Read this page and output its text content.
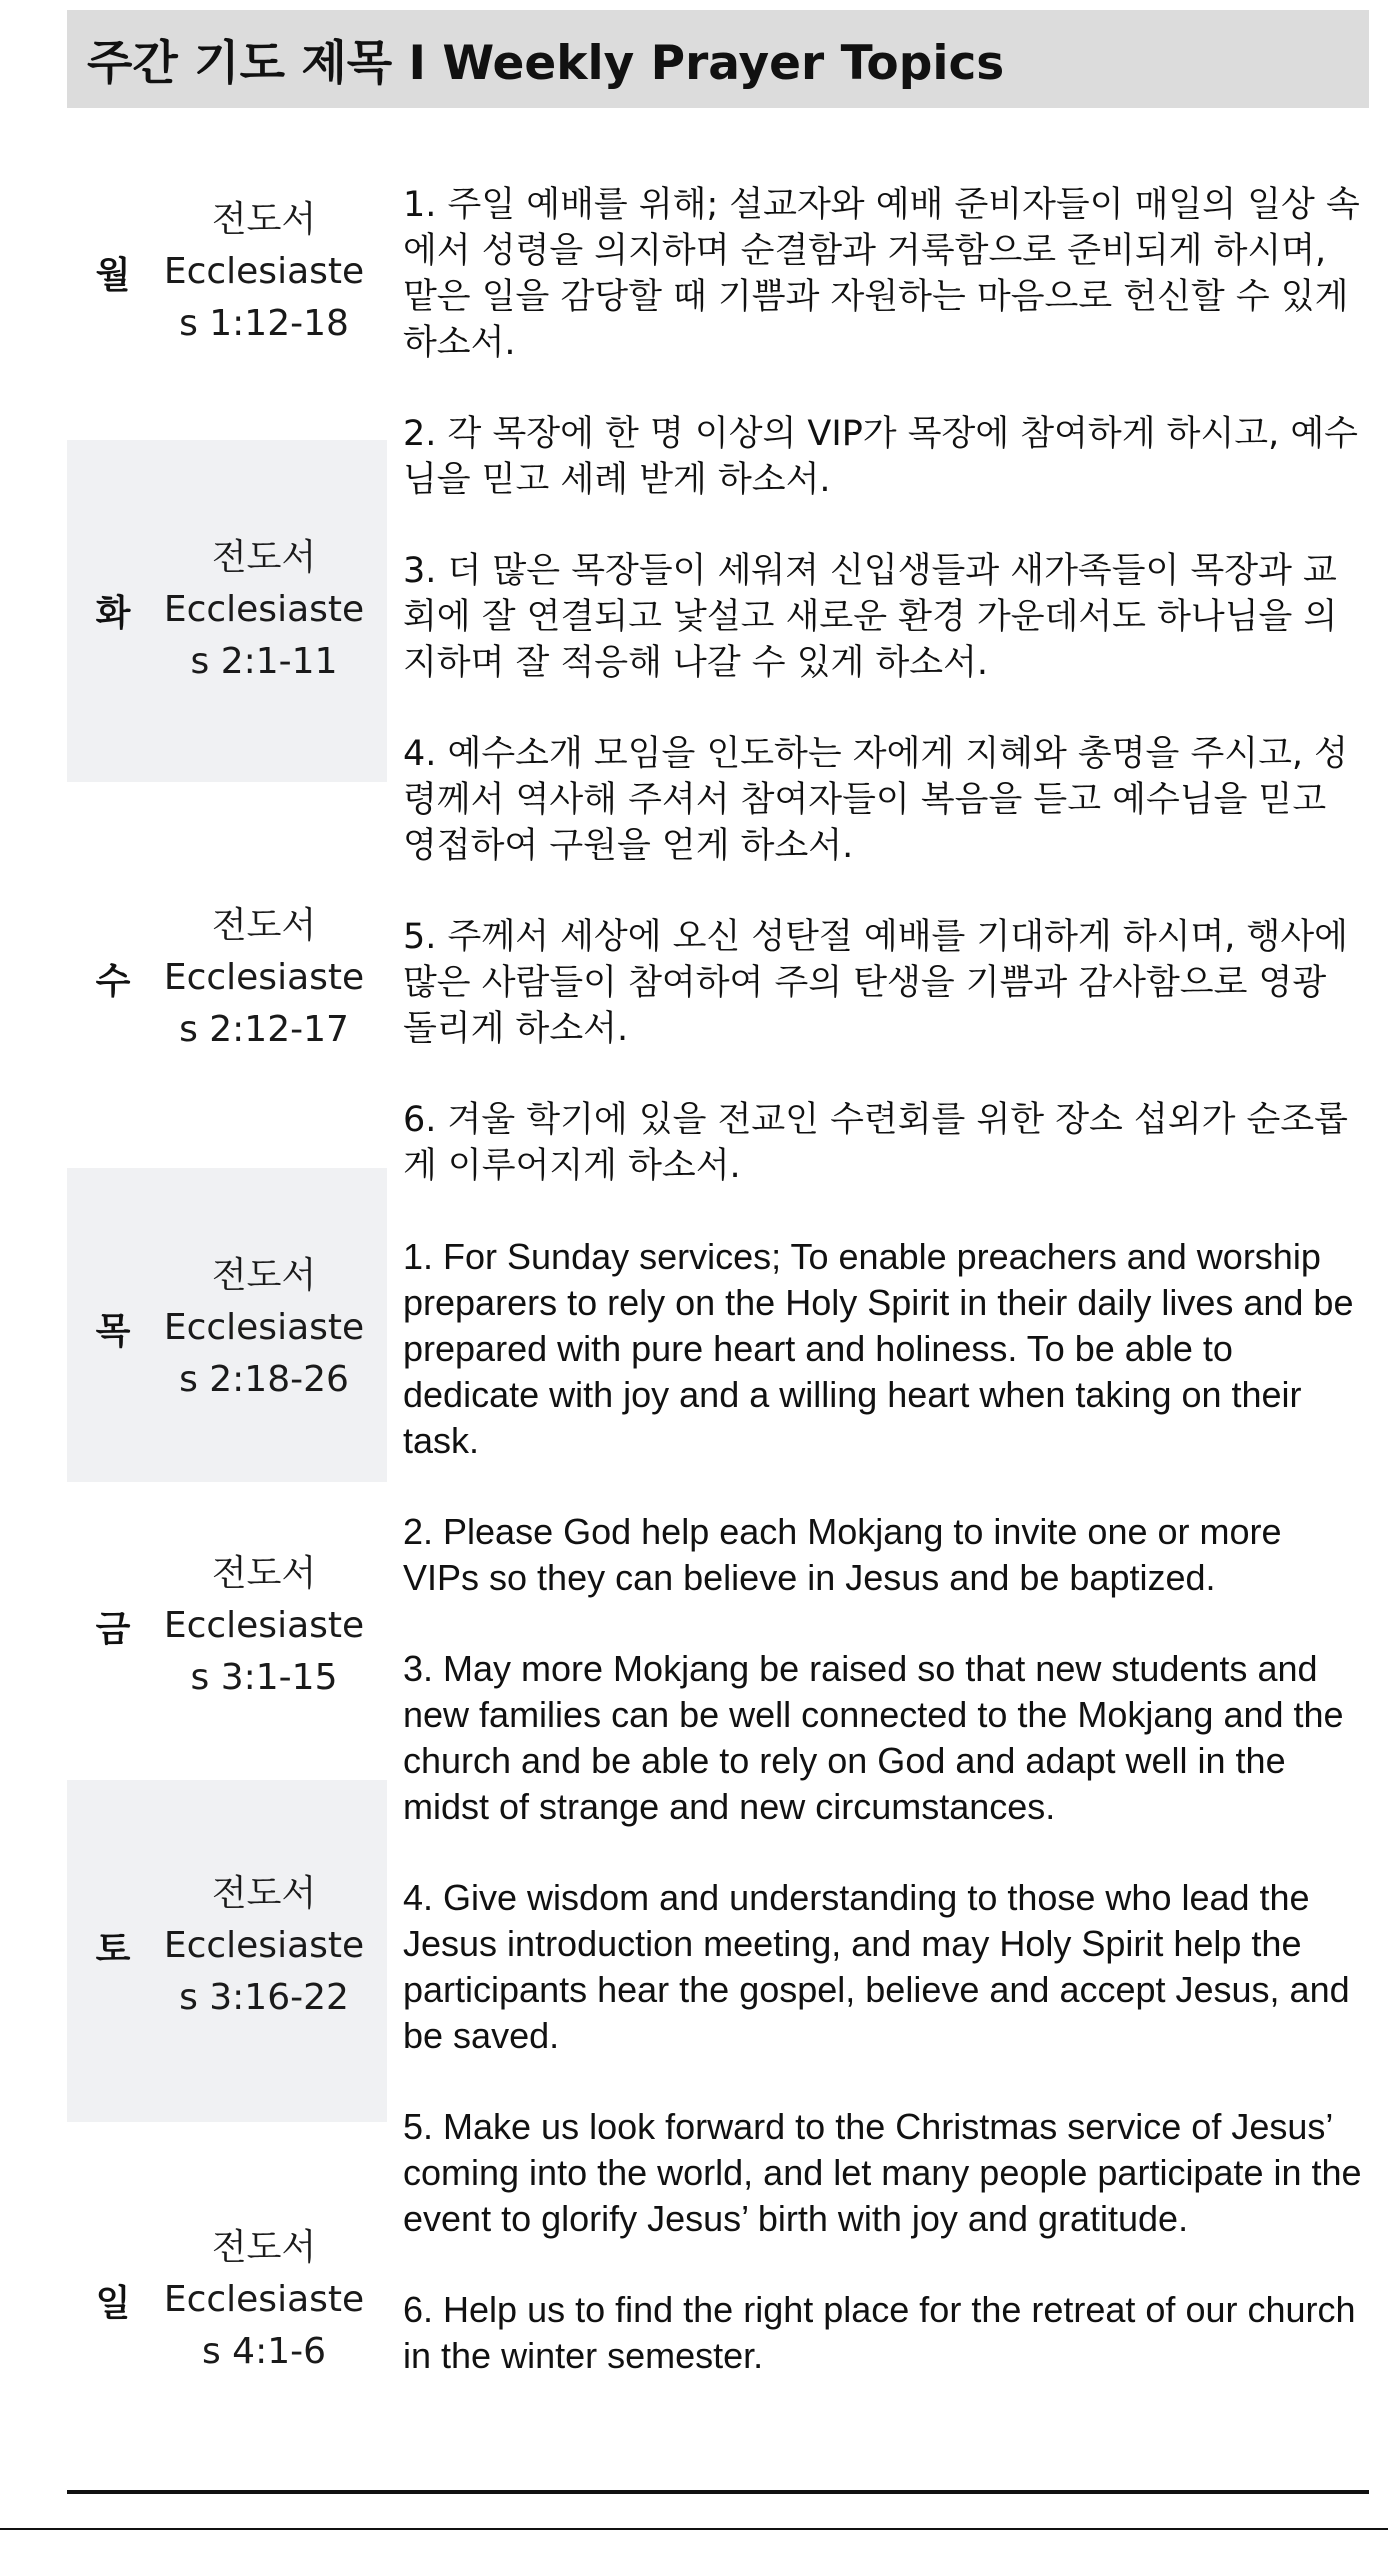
주간 기도 제목 I Weekly Prayer Topics
월
전도서
Ecclesiaste
s 1:12-18
화
전도서
Ecclesiaste
s 2:1-11
수
전도서
Ecclesiaste
s 2:12-17
목
전도서
Ecclesiaste
s 2:18-26
금
전도서
Ecclesiaste
s 3:1-15
토
전도서
Ecclesiaste
s 3:16-22
일
전도서
Ecclesiaste
s 4:1-6

1. 주일 예배를 위해; 설교자와 예배 준비자들이 매일의 일상 속에서 성령을 의지하며 순결함과 거룩함으로 준비되게 하시며, 맡은 일을 감당할 때 기쁨과 자원하는 마음으로 헌신할 수 있게 하소서.

2. 각 목장에 한 명 이상의 VIP가 목장에 참여하게 하시고, 예수님을 믿고 세례 받게 하소서.

3. 더 많은 목장들이 세워져 신입생들과 새가족들이 목장과 교회에 잘 연결되고 낯설고 새로운 환경 가운데서도 하나님을 의지하며 잘 적응해 나갈 수 있게 하소서.

4. 예수소개 모임을 인도하는 자에게 지혜와 총명을 주시고, 성령께서 역사해 주셔서 참여자들이 복음을 듣고 예수님을 믿고 영접하여 구원을 얻게 하소서.

5. 주께서 세상에 오신 성탄절 예배를 기대하게 하시며, 행사에 많은 사람들이 참여하여 주의 탄생을 기쁨과 감사함으로 영광 돌리게 하소서.

6. 겨울 학기에 있을 전교인 수련회를 위한 장소 섭외가 순조롭게 이루어지게 하소서.

1. For Sunday services; To enable preachers and worship preparers to rely on the Holy Spirit in their daily lives and be prepared with pure heart and holiness. To be able to dedicate with joy and a willing heart when taking on their task.

2. Please God help each Mokjang to invite one or more VIPs so they can believe in Jesus and be baptized.

3. May more Mokjang be raised so that new students and new families can be well connected to the Mokjang and the church and be able to rely on God and adapt well in the midst of strange and new circumstances.

4. Give wisdom and understanding to those who lead the Jesus introduction meeting, and may Holy Spirit help the participants hear the gospel, believe and accept Jesus, and be saved.

5. Make us look forward to the Christmas service of Jesus’ coming into the world, and let many people participate in the event to glorify Jesus’ birth with joy and gratitude.

6. Help us to find the right place for the retreat of our church in the winter semester.
